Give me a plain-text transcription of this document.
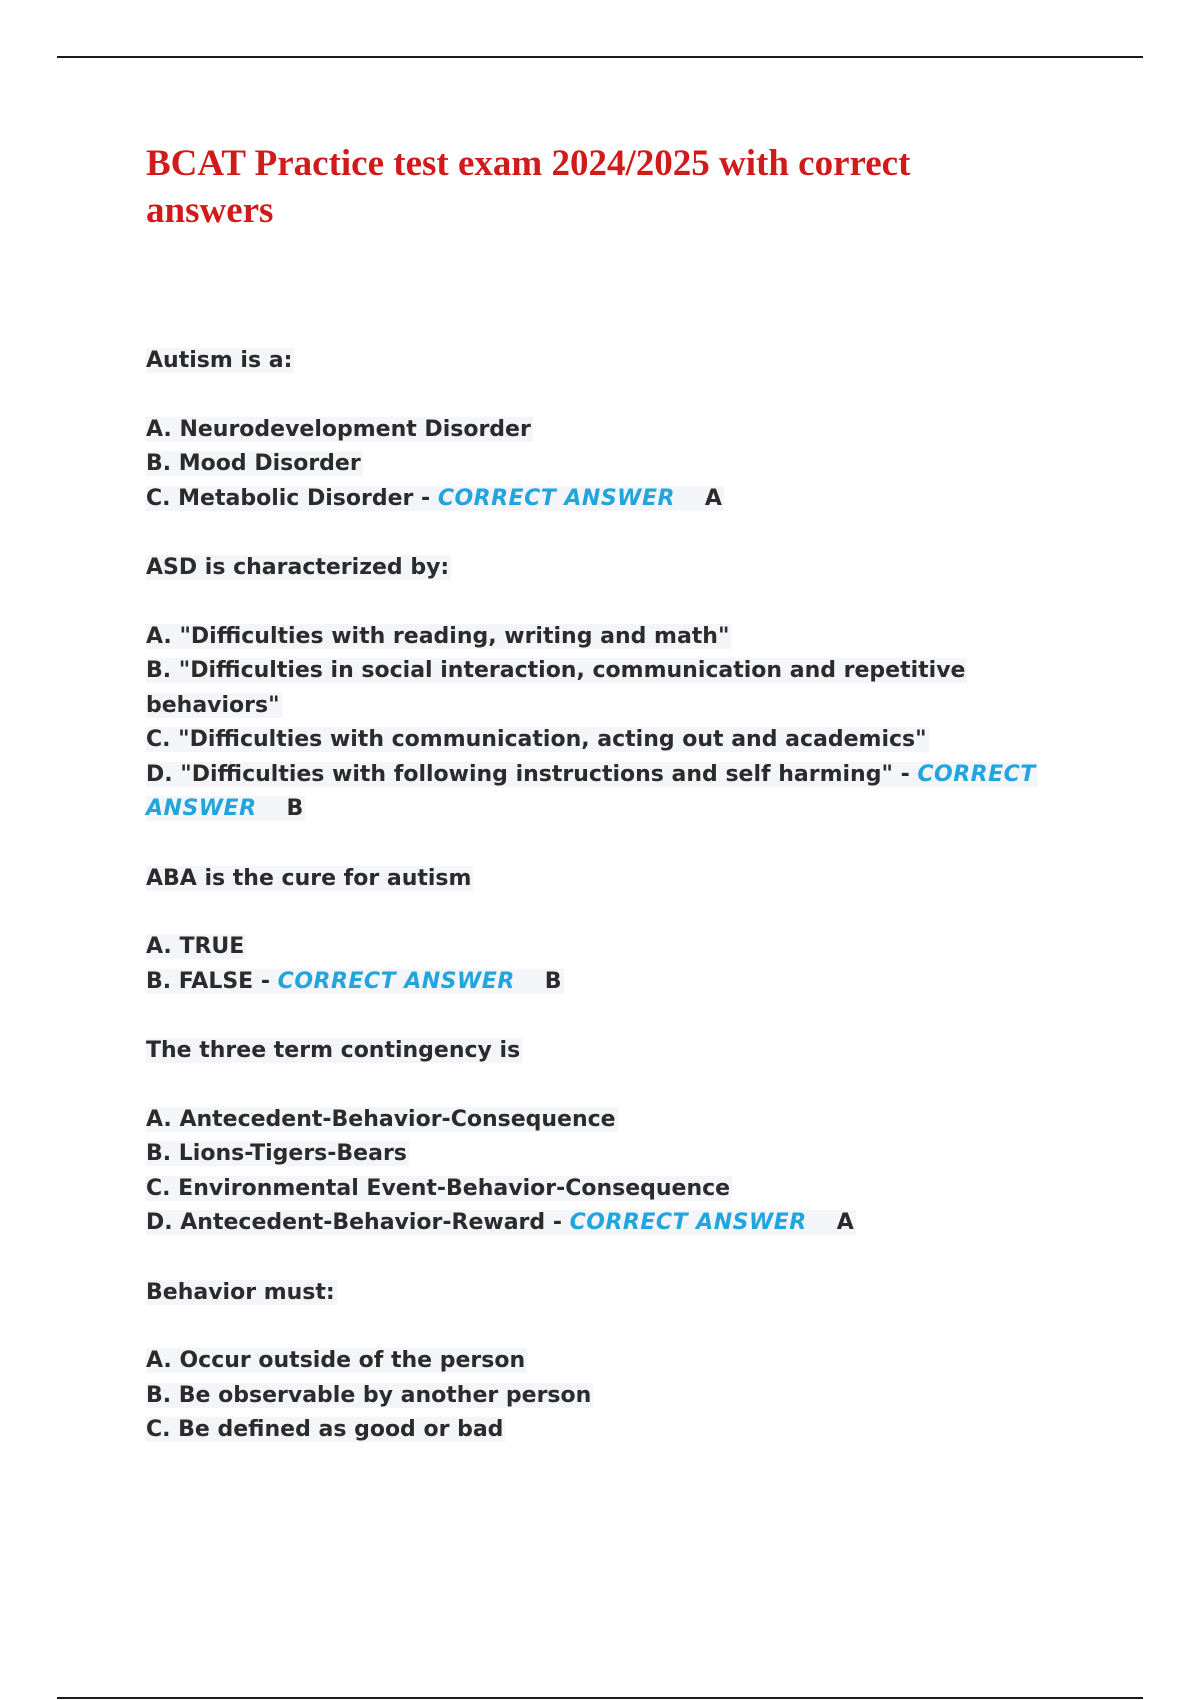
BCAT Practice test exam 2024/2025 with correct answers

Autism is a:

A. Neurodevelopment Disorder

B. Mood Disorder

C. Metabolic Disorder - CORRECT ANSWER A

ASD is characterized by:

A. "Difficulties with reading, writing and math"

B. "Difficulties in social interaction, communication and repetitive behaviors"

C. "Difficulties with communication, acting out and academics"

D. "Difficulties with following instructions and self harming" - CORRECT ANSWER B

ABA is the cure for autism

A. TRUE

B. FALSE - CORRECT ANSWER B

The three term contingency is

A. Antecedent-Behavior-Consequence

B. Lions-Tigers-Bears

C. Environmental Event-Behavior-Consequence

D. Antecedent-Behavior-Reward - CORRECT ANSWER A

Behavior must:

A. Occur outside of the person

B. Be observable by another person

C. Be defined as good or bad
